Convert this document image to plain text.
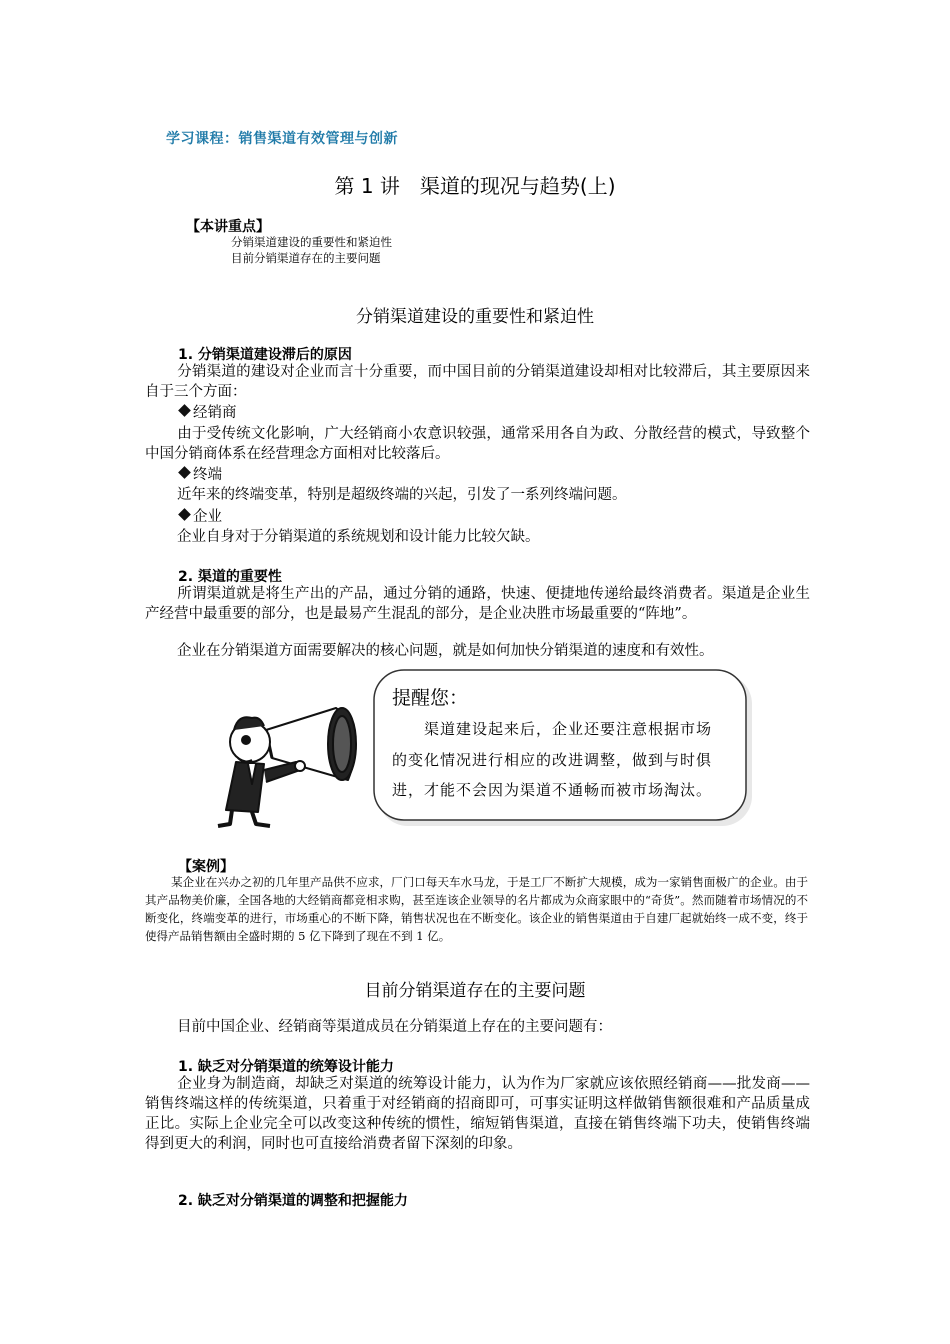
学习课程：销售渠道有效管理与创新
第 1 讲　渠道的现况与趋势(上)
【本讲重点】
分销渠道建设的重要性和紧迫性
目前分销渠道存在的主要问题
分销渠道建设的重要性和紧迫性
1. 分销渠道建设滞后的原因
分销渠道的建设对企业而言十分重要，而中国目前的分销渠道建设却相对比较滞后，其主要原因来自于三个方面：
经销商
由于受传统文化影响，广大经销商小农意识较强，通常采用各自为政、分散经营的模式，导致整个中国分销商体系在经营理念方面相对比较落后。
终端
近年来的终端变革，特别是超级终端的兴起，引发了一系列终端问题。
企业
企业自身对于分销渠道的系统规划和设计能力比较欠缺。
2. 渠道的重要性
所谓渠道就是将生产出的产品，通过分销的通路，快速、便捷地传递给最终消费者。渠道是企业生产经营中最重要的部分，也是最易产生混乱的部分，是企业决胜市场最重要的“阵地”。
企业在分销渠道方面需要解决的核心问题，就是如何加快分销渠道的速度和有效性。
提醒您：
渠道建设起来后，企业还要注意根据市场
的变化情况进行相应的改进调整，做到与时俱
进，才能不会因为渠道不通畅而被市场淘汰。
【案例】
某企业在兴办之初的几年里产品供不应求，厂门口每天车水马龙，于是工厂不断扩大规模，成为一家销售面极广的企业。由于其产品物美价廉，全国各地的大经销商都竞相求购，甚至连该企业领导的名片都成为众商家眼中的“奇货”。然而随着市场情况的不断变化，终端变革的进行，市场重心的不断下降，销售状况也在不断变化。该企业的销售渠道由于自建厂起就始终一成不变，终于使得产品销售额由全盛时期的 5 亿下降到了现在不到 1 亿。
目前分销渠道存在的主要问题
目前中国企业、经销商等渠道成员在分销渠道上存在的主要问题有：
1. 缺乏对分销渠道的统筹设计能力
企业身为制造商，却缺乏对渠道的统筹设计能力，认为作为厂家就应该依照经销商——批发商——销售终端这样的传统渠道，只着重于对经销商的招商即可，可事实证明这样做销售额很难和产品质量成正比。实际上企业完全可以改变这种传统的惯性，缩短销售渠道，直接在销售终端下功夫，使销售终端得到更大的利润，同时也可直接给消费者留下深刻的印象。
2. 缺乏对分销渠道的调整和把握能力
